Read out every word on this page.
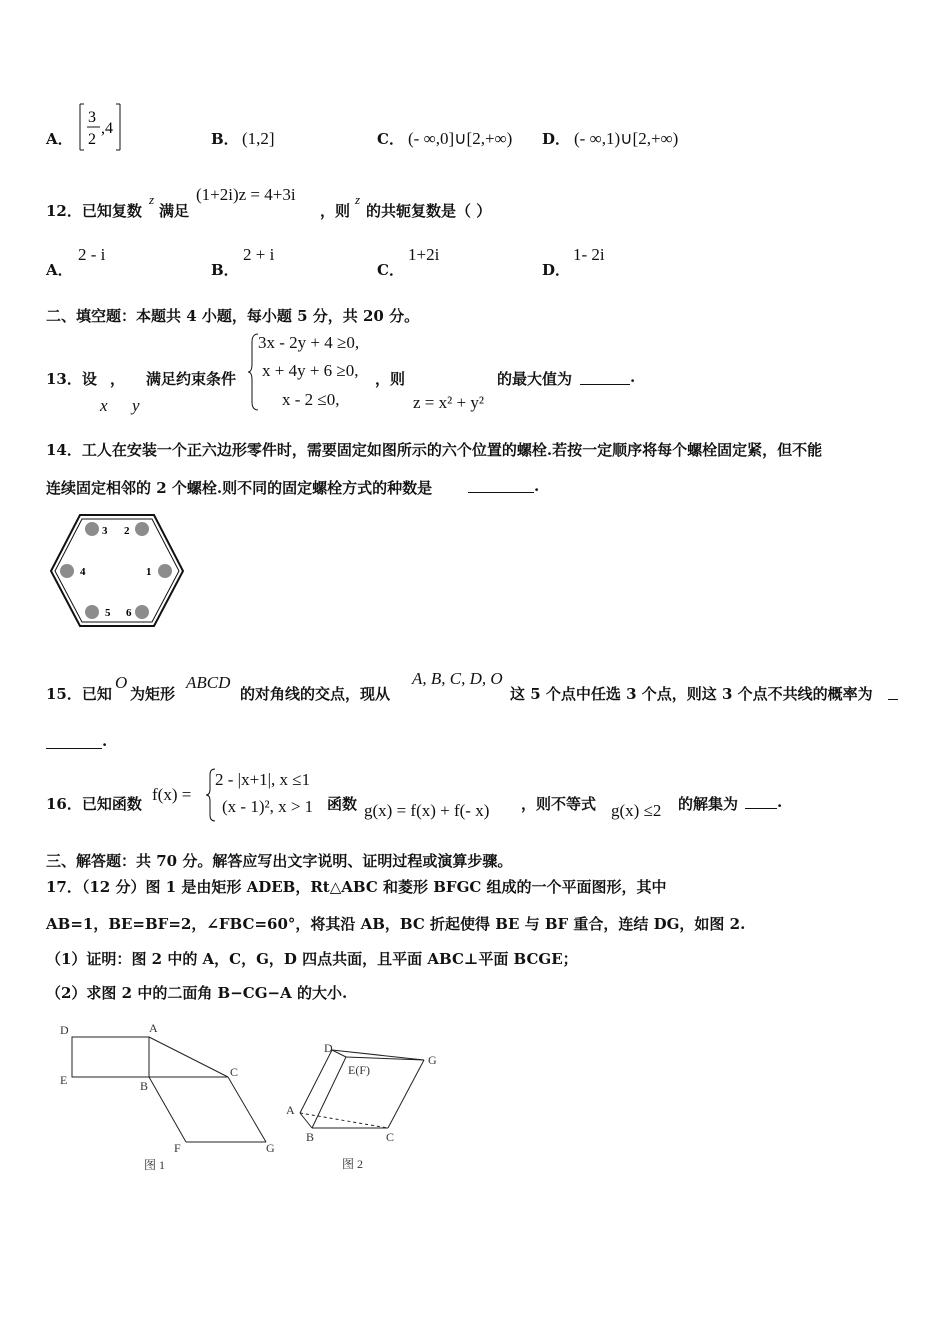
A．
3
2
,4
B． (1,2]	C． (- ∞,0]∪[2,+∞) D． (- ∞,1)∪[2,+∞)
12．已知复数
z
满足
(1+2i)z = 4+3i
，则
z
的共轭复数是（ ）
A．
2 - i
B．
2 + i
C．
1+2i
D．
1- 2i
二、填空题：本题共 4 小题，每小题 5 分，共 20 分。
13．设 ，
x y
满足约束条件
3x - 2y + 4 ≥0,
x + 4y + 6 ≥0,
x - 2 ≤0,
，则
z = x² + y²
的最大值为	.
14．工人在安装一个正六边形零件时，需要固定如图所示的六个位置的螺栓.若按一定顺序将每个螺栓固定紧，但不能
连续固定相邻的 2 个螺栓.则不同的固定螺栓方式的种数是	.
3 2
4	1
5 6
15．已知
O
为矩形
ABCD
的对角线的交点，现从
A, B, C, D, O
这 5 个点中任选 3 个点，则这 3 个点不共线的概率为
.
16．已知函数 f(x) =
2 - |x+1|, x ≤1
(x - 1)², x > 1 函数 g(x) = f(x) + f(- x) ，则不等式 g(x) ≤2 的解集为	.
三、解答题：共 70 分。解答应写出文字说明、证明过程或演算步骤。
17．（12 分）图 1 是由矩形 ADEB，Rt△ABC 和菱形 BFGC 组成的一个平面图形，其中
AB=1，BE=BF=2，∠FBC=60°，将其沿 AB，BC 折起使得 BE 与 BF 重合，连结 DG，如图 2.
（1）证明：图 2 中的 A，C，G，D 四点共面，且平面 ABC⊥平面 BCGE；
（2）求图 2 中的二面角 B−CG−A 的大小.
D	A
E	B
C
F	G
图 1
D
G
E(F)
A
B	C
图 2
